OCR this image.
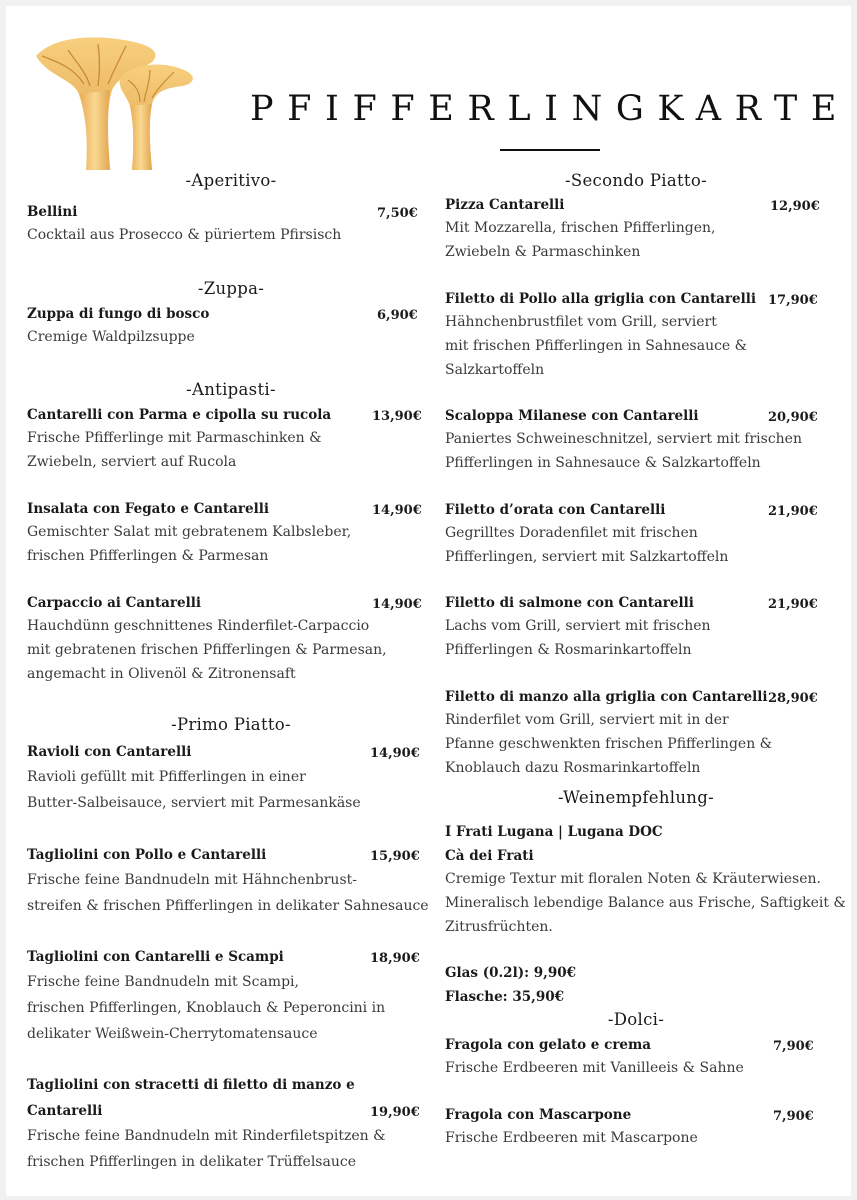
PFIFFERLINGKARTE
-Aperitivo-
Bellini	7,50€
Cocktail aus Prosecco & püriertem Pfirsisch
-Zuppa-
Zuppa di fungo di bosco	6,90€
Cremige Waldpilzsuppe
-Antipasti-
Cantarelli con Parma e cipolla su rucola	13,90€
Frische Pfifferlinge mit Parmaschinken &
Zwiebeln, serviert auf Rucola
Insalata con Fegato e Cantarelli	14,90€
Gemischter Salat mit gebratenem Kalbsleber,
frischen Pfifferlingen & Parmesan
Carpaccio ai Cantarelli	14,90€
Hauchdünn geschnittenes Rinderfilet-Carpaccio
mit gebratenen frischen Pfifferlingen & Parmesan,
angemacht in Olivenöl & Zitronensaft
-Primo Piatto-
Ravioli con Cantarelli	14,90€
Ravioli gefüllt mit Pfifferlingen in einer
Butter-Salbeisauce, serviert mit Parmesankäse
Tagliolini con Pollo e Cantarelli	15,90€
Frische feine Bandnudeln mit Hähnchenbrust-
streifen & frischen Pfifferlingen in delikater Sahnesauce
Tagliolini con Cantarelli e Scampi	18,90€
Frische feine Bandnudeln mit Scampi,
frischen Pfifferlingen, Knoblauch & Peperoncini in
delikater Weißwein-Cherrytomatensauce
Tagliolini con stracetti di filetto di manzo e
Cantarelli	19,90€
Frische feine Bandnudeln mit Rinderfiletspitzen &
frischen Pfifferlingen in delikater Trüffelsauce
-Secondo Piatto-
Pizza Cantarelli	12,90€
Mit Mozzarella, frischen Pfifferlingen,
Zwiebeln & Parmaschinken
Filetto di Pollo alla griglia con Cantarelli 17,90€
Hähnchenbrustfilet vom Grill, serviert
mit frischen Pfifferlingen in Sahnesauce &
Salzkartoffeln
Scaloppa Milanese con Cantarelli	20,90€
Paniertes Schweineschnitzel, serviert mit frischen
Pfifferlingen in Sahnesauce & Salzkartoffeln
Filetto d’orata con Cantarelli	21,90€
Gegrilltes Doradenfilet mit frischen
Pfifferlingen, serviert mit Salzkartoffeln
Filetto di salmone con Cantarelli	21,90€
Lachs vom Grill, serviert mit frischen
Pfifferlingen & Rosmarinkartoffeln
Filetto di manzo alla griglia con Cantarelli 28,90€
Rinderfilet vom Grill, serviert mit in der
Pfanne geschwenkten frischen Pfifferlingen &
Knoblauch dazu Rosmarinkartoffeln
-Weinempfehlung-
I Frati Lugana | Lugana DOC
Cà dei Frati
Cremige Textur mit floralen Noten & Kräuterwiesen.
Mineralisch lebendige Balance aus Frische, Saftigkeit &
Zitrusfrüchten.
Glas (0.2l): 9,90€
Flasche: 35,90€
-Dolci-
Fragola con gelato e crema	7,90€
Frische Erdbeeren mit Vanilleeis & Sahne
Fragola con Mascarpone	7,90€
Frische Erdbeeren mit Mascarpone
